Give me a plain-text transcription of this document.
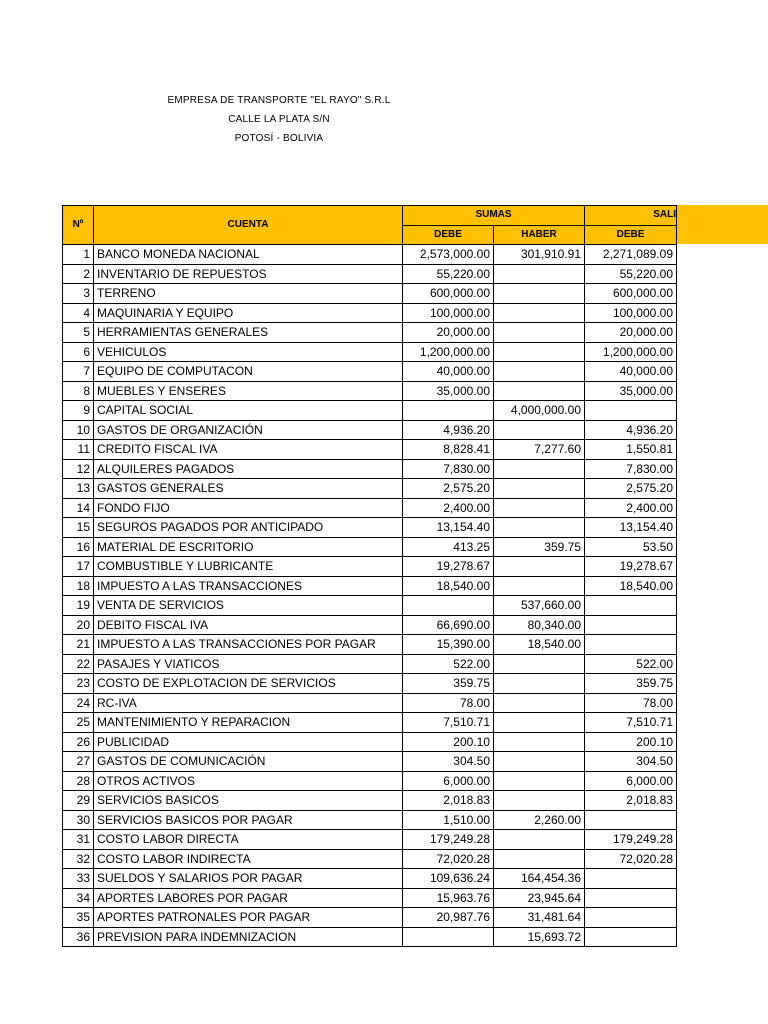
EMPRESA DE TRANSPORTE "EL RAYO" S.R.L
CALLE LA PLATA S/N
POTOSÍ - BOLIVIA
Nº	CUENTA	SUMAS		SALI
		DEBE	HABER	DEBE
1	BANCO MONEDA NACIONAL	2,573,000.00	301,910.91	2,271,089.09
2	INVENTARIO DE REPUESTOS	55,220.00		55,220.00
3	TERRENO	600,000.00		600,000.00
4	MAQUINARIA Y EQUIPO	100,000.00		100,000.00
5	HERRAMIENTAS GENERALES	20,000.00		20,000.00
6	VEHICULOS	1,200,000.00		1,200,000.00
7	EQUIPO DE COMPUTACON	40,000.00		40,000.00
8	MUEBLES Y ENSERES	35,000.00		35,000.00
9	CAPITAL SOCIAL		4,000,000.00	
10	GASTOS DE ORGANIZACIÓN	4,936.20		4,936.20
11	CREDITO FISCAL IVA	8,828.41	7,277.60	1,550.81
12	ALQUILERES PAGADOS	7,830.00		7,830.00
13	GASTOS GENERALES	2,575.20		2,575.20
14	FONDO FIJO	2,400.00		2,400.00
15	SEGUROS PAGADOS POR ANTICIPADO	13,154.40		13,154.40
16	MATERIAL DE ESCRITORIO	413.25	359.75	53.50
17	COMBUSTIBLE Y LUBRICANTE	19,278.67		19,278.67
18	IMPUESTO A LAS TRANSACCIONES	18,540.00		18,540.00
19	VENTA DE SERVICIOS		537,660.00	
20	DEBITO FISCAL IVA	66,690.00	80,340.00	
21	IMPUESTO A LAS TRANSACCIONES POR PAGAR	15,390.00	18,540.00	
22	PASAJES Y VIATICOS	522.00		522.00
23	COSTO DE EXPLOTACION DE SERVICIOS	359.75		359.75
24	RC-IVA	78.00		78.00
25	MANTENIMIENTO Y REPARACION	7,510.71		7,510.71
26	PUBLICIDAD	200.10		200.10
27	GASTOS DE COMUNICACIÓN	304.50		304.50
28	OTROS ACTIVOS	6,000.00		6,000.00
29	SERVICIOS BASICOS	2,018.83		2,018.83
30	SERVICIOS BASICOS POR PAGAR	1,510.00	2,260.00	
31	COSTO LABOR DIRECTA	179,249.28		179,249.28
32	COSTO LABOR INDIRECTA	72,020.28		72,020.28
33	SUELDOS Y SALARIOS POR PAGAR	109,636.24	164,454.36	
34	APORTES LABORES POR PAGAR	15,963.76	23,945.64	
35	APORTES PATRONALES POR PAGAR	20,987.76	31,481.64	
36	PREVISION PARA INDEMNIZACION		15,693.72	
